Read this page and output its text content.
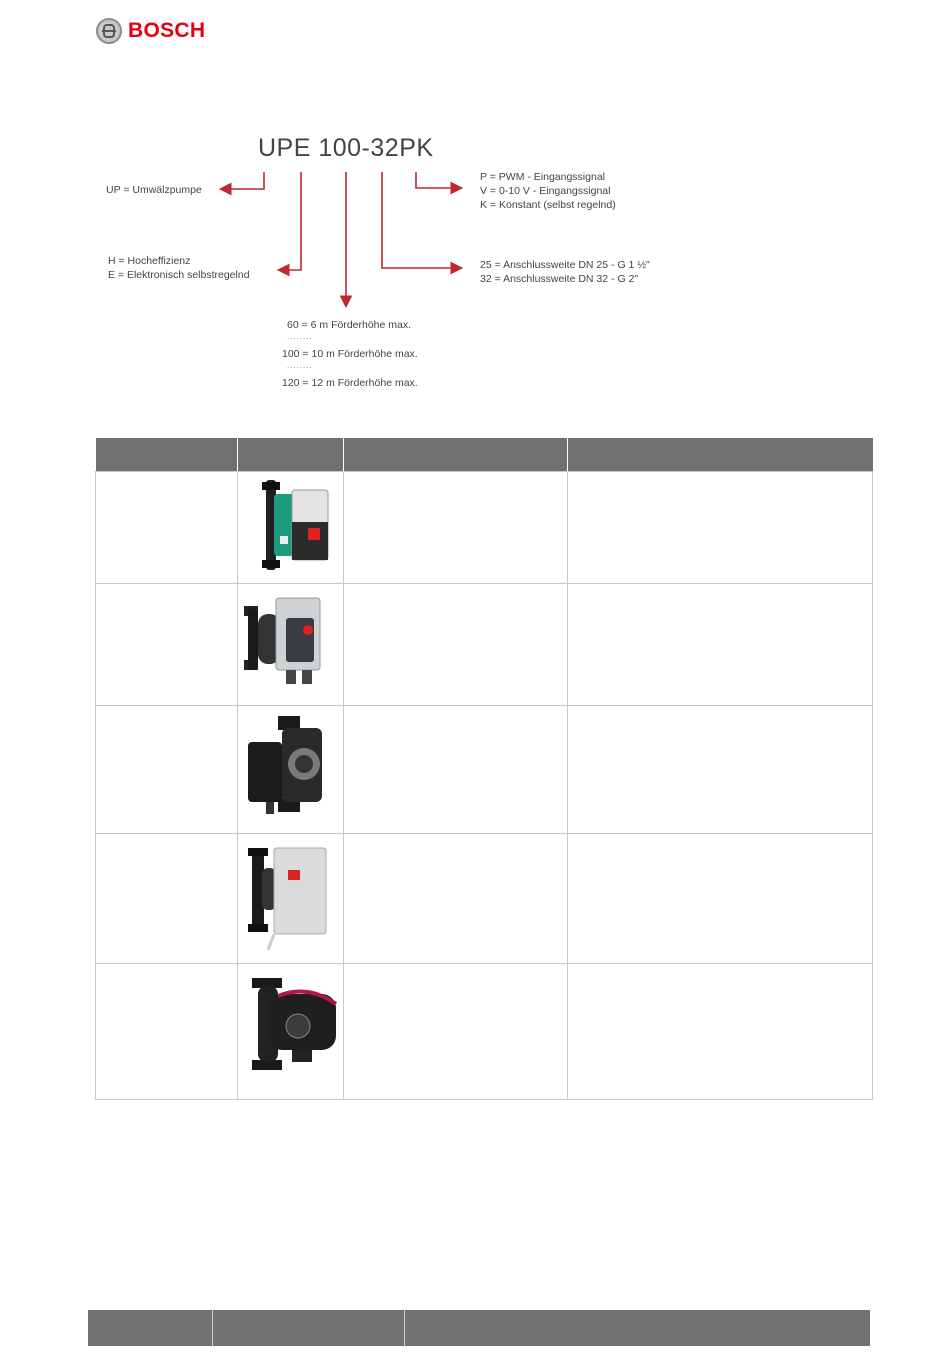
BOSCH
UPE 100-32PK
UP = Umwälzpumpe
H = Hocheffizienz
E = Elektronisch selbstregelnd
60 = 6 m Förderhöhe max.
........
100 = 10 m Förderhöhe max.
........
120 = 12 m Förderhöhe max.
P = PWM - Eingangssignal
V = 0-10 V - Eingangssignal
K = Konstant (selbst regelnd)
25 = Anschlussweite DN 25 - G 1 ½"
32 = Anschlussweite DN 32 - G 2"
